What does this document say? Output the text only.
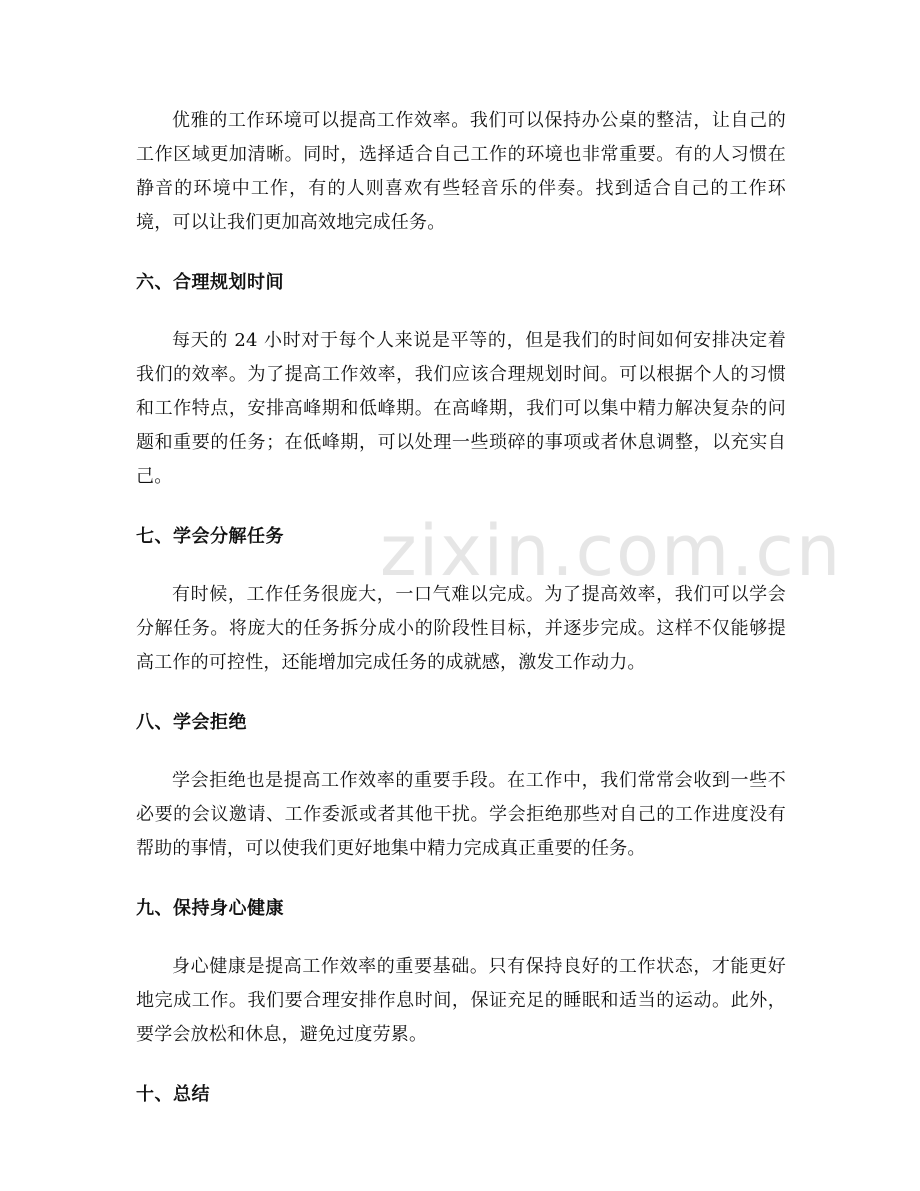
zixin.com.cn

优雅的工作环境可以提高工作效率。我们可以保持办公桌的整洁，让自己的工作区域更加清晰。同时，选择适合自己工作的环境也非常重要。有的人习惯在静音的环境中工作，有的人则喜欢有些轻音乐的伴奏。找到适合自己的工作环境，可以让我们更加高效地完成任务。

六、合理规划时间

每天的 24 小时对于每个人来说是平等的，但是我们的时间如何安排决定着我们的效率。为了提高工作效率，我们应该合理规划时间。可以根据个人的习惯和工作特点，安排高峰期和低峰期。在高峰期，我们可以集中精力解决复杂的问题和重要的任务；在低峰期，可以处理一些琐碎的事项或者休息调整，以充实自己。

七、学会分解任务

有时候，工作任务很庞大，一口气难以完成。为了提高效率，我们可以学会分解任务。将庞大的任务拆分成小的阶段性目标，并逐步完成。这样不仅能够提高工作的可控性，还能增加完成任务的成就感，激发工作动力。

八、学会拒绝

学会拒绝也是提高工作效率的重要手段。在工作中，我们常常会收到一些不必要的会议邀请、工作委派或者其他干扰。学会拒绝那些对自己的工作进度没有帮助的事情，可以使我们更好地集中精力完成真正重要的任务。

九、保持身心健康

身心健康是提高工作效率的重要基础。只有保持良好的工作状态，才能更好地完成工作。我们要合理安排作息时间，保证充足的睡眠和适当的运动。此外，要学会放松和休息，避免过度劳累。

十、总结
